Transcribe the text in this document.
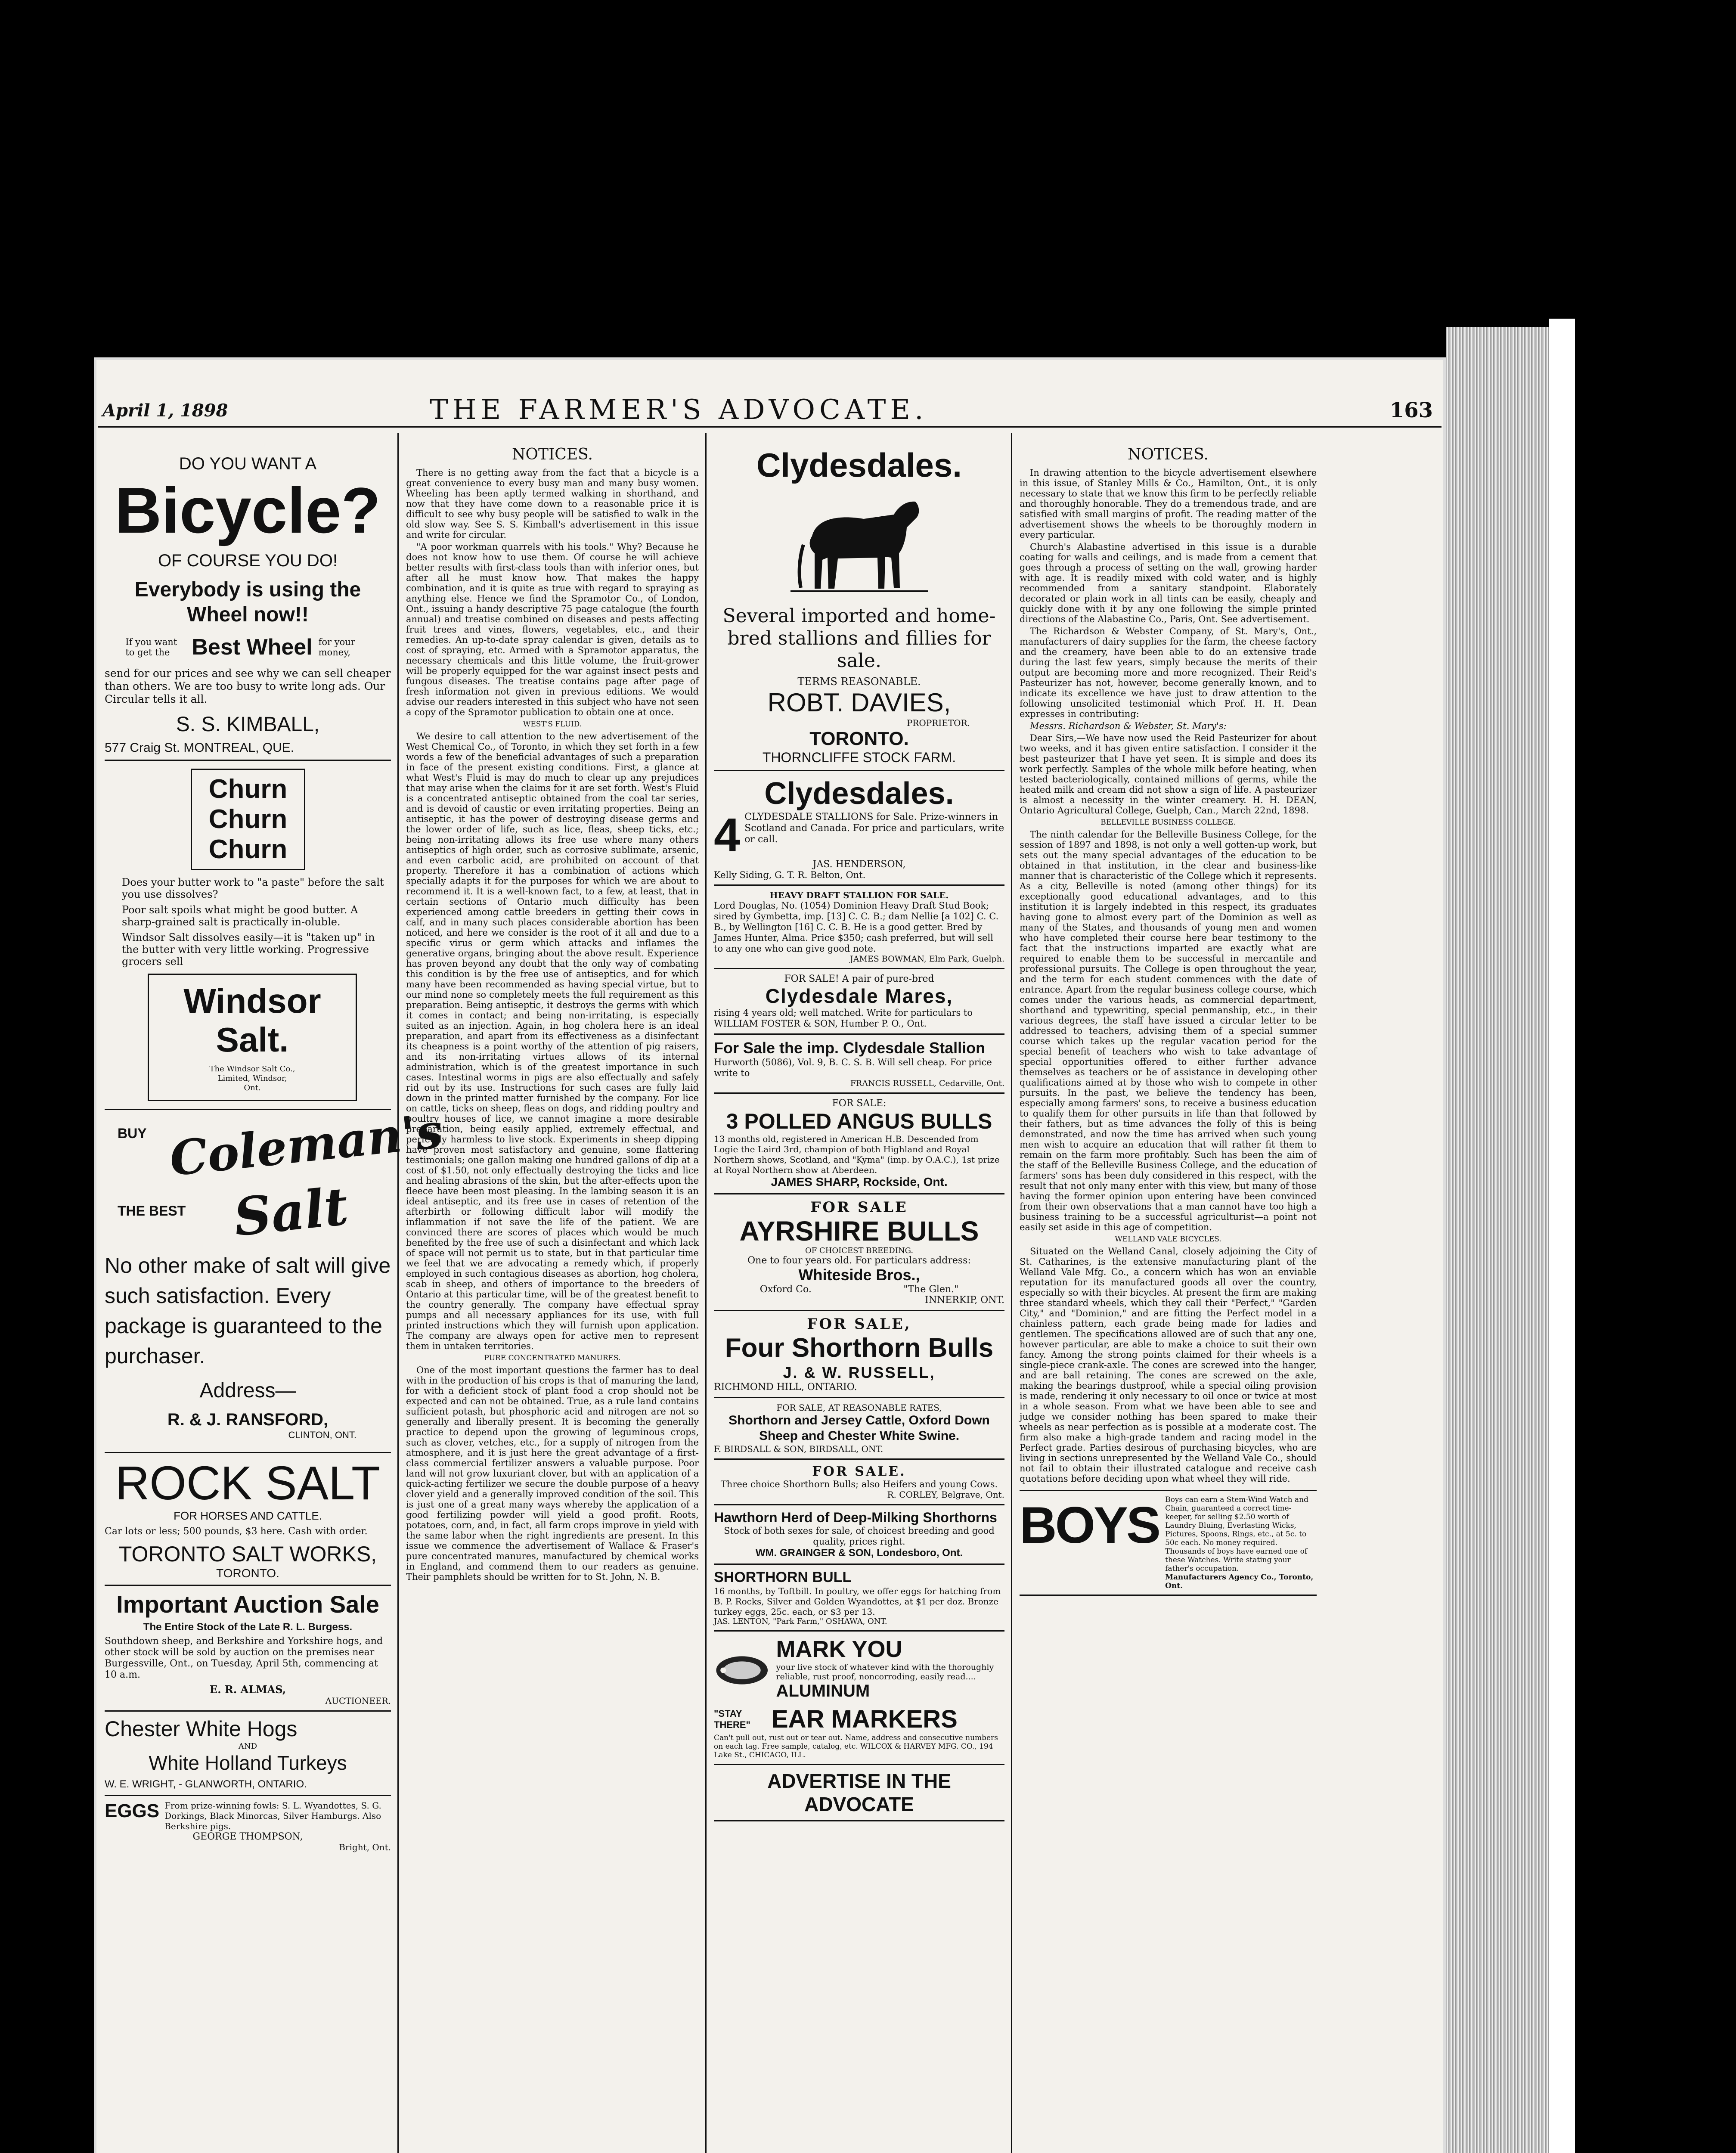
April 1, 1898	THE FARMER'S ADVOCATE.	163
DO YOU WANT A
Bicycle?
OF COURSE YOU DO!
Everybody is using the Wheel now!!
If you want to get the Best Wheel for your money,
send for our prices and see why we can sell cheaper than others. We are too busy to write long ads. Our Circular tells it all.
S. S. KIMBALL,
577 Craig St. MONTREAL, QUE.
Churn
Churn
Churn
Does your butter work to "a paste" before the salt you use dissolves?
Poor salt spoils what might be good butter. A sharp-grained salt is practically in-oluble.
Windsor Salt dissolves easily—it is "taken up" in the butter with very little working. Progressive grocers sell
Windsor
Salt.
The Windsor Salt Co., Limited, Windsor, Ont.
BUY Coleman's
THE BEST Salt
No other make of salt will give such satisfaction. Every package is guaranteed to the purchaser.
Address—
R. & J. RANSFORD,
CLINTON, ONT.
ROCK SALT
FOR HORSES AND CATTLE.
Car lots or less; 500 pounds, $3 here. Cash with order.
TORONTO SALT WORKS,
TORONTO.
Important Auction Sale
The Entire Stock of the Late R. L. Burgess.
Southdown sheep, and Berkshire and Yorkshire hogs, and other stock will be sold by auction on the premises near Burgessville, Ont., on Tuesday, April 5th, commencing at 10 a.m.
E. R. ALMAS,
AUCTIONEER.
Chester White Hogs
AND
White Holland Turkeys
W. E. WRIGHT, - GLANWORTH, ONTARIO.
EGGS From prize-winning fowls: S. L. Wyandottes, S. G. Dorkings, Black Minorcas, Silver Hamburgs. Also Berkshire pigs.
GEORGE THOMPSON,
Bright, Ont.
NOTICES.

There is no getting away from the fact that a bicycle is a great convenience to every busy man and many busy women. Wheeling has been aptly termed walking in shorthand, and now that they have come down to a reasonable price it is difficult to see why busy people will be satisfied to walk in the old slow way. See S. S. Kimball's advertisement in this issue and write for circular.

"A poor workman quarrels with his tools." Why? Because he does not know how to use them. Of course he will achieve better results with first-class tools than with inferior ones, but after all he must know how. That makes the happy combination, and it is quite as true with regard to spraying as anything else. Hence we find the Spramotor Co., of London, Ont., issuing a handy descriptive 75 page catalogue (the fourth annual) and treatise combined on diseases and pests affecting fruit trees and vines, flowers, vegetables, etc., and their remedies. An up-to-date spray calendar is given, details as to cost of spraying, etc. Armed with a Spramotor apparatus, the necessary chemicals and this little volume, the fruit-grower will be properly equipped for the war against insect pests and fungous diseases. The treatise contains page after page of fresh information not given in previous editions. We would advise our readers interested in this subject who have not seen a copy of the Spramotor publication to obtain one at once.

WEST'S FLUID.

We desire to call attention to the new advertisement of the West Chemical Co., of Toronto, in which they set forth in a few words a few of the beneficial advantages of such a preparation in face of the present existing conditions. First, a glance at what West's Fluid is may do much to clear up any prejudices that may arise when the claims for it are set forth. West's Fluid is a concentrated antiseptic obtained from the coal tar series, and is devoid of caustic or even irritating properties. Being an antiseptic, it has the power of destroying disease germs and the lower order of life, such as lice, fleas, sheep ticks, etc.; being non-irritating allows its free use where many others antiseptics of high order, such as corrosive sublimate, arsenic, and even carbolic acid, are prohibited on account of that property. Therefore it has a combination of actions which specially adapts it for the purposes for which we are about to recommend it. It is a well-known fact, to a few, at least, that in certain sections of Ontario much difficulty has been experienced among cattle breeders in getting their cows in calf, and in many such places considerable abortion has been noticed, and here we consider is the root of it all and due to a specific virus or germ which attacks and inflames the generative organs, bringing about the above result. Experience has proven beyond any doubt that the only way of combating this condition is by the free use of antiseptics, and for which many have been recommended as having special virtue, but to our mind none so completely meets the full requirement as this preparation. Being antiseptic, it destroys the germs with which it comes in contact; and being non-irritating, is especially suited as an injection. Again, in hog cholera here is an ideal preparation, and apart from its effectiveness as a disinfectant its cheapness is a point worthy of the attention of pig raisers, and its non-irritating virtues allows of its internal administration, which is of the greatest importance in such cases. Intestinal worms in pigs are also effectually and safely rid out by its use. Instructions for such cases are fully laid down in the printed matter furnished by the company. For lice on cattle, ticks on sheep, fleas on dogs, and ridding poultry and poultry houses of lice, we cannot imagine a more desirable preparation, being easily applied, extremely effectual, and perfectly harmless to live stock. Experiments in sheep dipping have proven most satisfactory and genuine, some flattering testimonials; one gallon making one hundred gallons of dip at a cost of $1.50, not only effectually destroying the ticks and lice and healing abrasions of the skin, but the after-effects upon the fleece have been most pleasing. In the lambing season it is an ideal antiseptic, and its free use in cases of retention of the afterbirth or following difficult labor will modify the inflammation if not save the life of the patient. We are convinced there are scores of places which would be much benefited by the free use of such a disinfectant and which lack of space will not permit us to state, but in that particular time we feel that we are advocating a remedy which, if properly employed in such contagious diseases as abortion, hog cholera, scab in sheep, and others of importance to the breeders of Ontario at this particular time, will be of the greatest benefit to the country generally. The company have effectual spray pumps and all necessary appliances for its use, with full printed instructions which they will furnish upon application. The company are always open for active men to represent them in untaken territories.

PURE CONCENTRATED MANURES.

One of the most important questions the farmer has to deal with in the production of his crops is that of manuring the land, for with a deficient stock of plant food a crop should not be expected and can not be obtained. True, as a rule land contains sufficient potash, but phosphoric acid and nitrogen are not so generally and liberally present. It is becoming the generally practice to depend upon the growing of leguminous crops, such as clover, vetches, etc., for a supply of nitrogen from the atmosphere, and it is just here the great advantage of a first-class commercial fertilizer answers a valuable purpose. Poor land will not grow luxuriant clover, but with an application of a quick-acting fertilizer we secure the double purpose of a heavy clover yield and a generally improved condition of the soil. This is just one of a great many ways whereby the application of a good fertilizing powder will yield a good profit. Roots, potatoes, corn, and, in fact, all farm crops improve in yield with the same labor when the right ingredients are present. In this issue we commence the advertisement of Wallace & Fraser's pure concentrated manures, manufactured by chemical works in England, and commend them to our readers as genuine. Their pamphlets should be written for to St. John, N. B.

Clydesdales.
Several imported and home-bred stallions and fillies for sale.
TERMS REASONABLE.
ROBT. DAVIES,
PROPRIETOR.
TORONTO.
THORNCLIFFE STOCK FARM.
Clydesdales.
4 CLYDESDALE STALLIONS for Sale. Prize-winners in Scotland and Canada. For price and particulars, write or call.
JAS. HENDERSON,
Kelly Siding, G. T. R. Belton, Ont.
HEAVY DRAFT STALLION FOR SALE.
Lord Douglas, No. (1054) Dominion Heavy Draft Stud Book; sired by Gymbetta, imp. [13] C. C. B.; dam Nellie [a 102] C. C. B., by Wellington [16] C. C. B. He is a good getter. Bred by James Hunter, Alma. Price $350; cash preferred, but will sell to any one who can give good note.
JAMES BOWMAN, Elm Park, Guelph.
FOR SALE! A pair of pure-bred
Clydesdale Mares,
rising 4 years old; well matched. Write for particulars to WILLIAM FOSTER & SON, Humber P. O., Ont.
For Sale the imp. Clydesdale Stallion
Hurworth (5086), Vol. 9, B. C. S. B. Will sell cheap. For price write to
FRANCIS RUSSELL, Cedarville, Ont.
FOR SALE:
3 POLLED ANGUS BULLS
13 months old, registered in American H.B. Descended from Logie the Laird 3rd, champion of both Highland and Royal Northern shows, Scotland, and "Kyma" (imp. by O.A.C.), 1st prize at Royal Northern show at Aberdeen.
JAMES SHARP, Rockside, Ont.
FOR SALE
AYRSHIRE BULLS
OF CHOICEST BREEDING.
One to four years old. For particulars address:
Whiteside Bros.,
Oxford Co.	"The Glen."
INNERKIP, ONT.
FOR SALE,
Four Shorthorn Bulls
J. & W. RUSSELL,
RICHMOND HILL, ONTARIO.
FOR SALE, AT REASONABLE RATES,
Shorthorn and Jersey Cattle, Oxford Down Sheep and Chester White Swine.
F. BIRDSALL & SON, BIRDSALL, ONT.
FOR SALE.
Three choice Shorthorn Bulls; also Heifers and young Cows.
R. CORLEY, Belgrave, Ont.
Hawthorn Herd of Deep-Milking Shorthorns
Stock of both sexes for sale, of choicest breeding and good quality, prices right.
WM. GRAINGER & SON, Londesboro, Ont.
SHORTHORN BULL
16 months, by Toftbill. In poultry, we offer eggs for hatching from B. P. Rocks, Silver and Golden Wyandottes, at $1 per doz. Bronze turkey eggs, 25c. each, or $3 per 13.
JAS. LENTON, "Park Farm," OSHAWA, ONT.
MARK YOU
your live stock of whatever kind with the thoroughly reliable, rust proof, noncorroding, easily read....
ALUMINUM
"STAY THERE" EAR MARKERS
Can't pull out, rust out or tear out. Name, address and consecutive numbers on each tag. Free sample, catalog, etc. WILCOX & HARVEY MFG. CO., 194 Lake St., CHICAGO, ILL.
ADVERTISE IN THE ADVOCATE
NOTICES.

In drawing attention to the bicycle advertisement elsewhere in this issue, of Stanley Mills & Co., Hamilton, Ont., it is only necessary to state that we know this firm to be perfectly reliable and thoroughly honorable. They do a tremendous trade, and are satisfied with small margins of profit. The reading matter of the advertisement shows the wheels to be thoroughly modern in every particular.

Church's Alabastine advertised in this issue is a durable coating for walls and ceilings, and is made from a cement that goes through a process of setting on the wall, growing harder with age. It is readily mixed with cold water, and is highly recommended from a sanitary standpoint. Elaborately decorated or plain work in all tints can be easily, cheaply and quickly done with it by any one following the simple printed directions of the Alabastine Co., Paris, Ont. See advertisement.

The Richardson & Webster Company, of St. Mary's, Ont., manufacturers of dairy supplies for the farm, the cheese factory and the creamery, have been able to do an extensive trade during the last few years, simply because the merits of their output are becoming more and more recognized. Their Reid's Pasteurizer has not, however, become generally known, and to indicate its excellence we have just to draw attention to the following unsolicited testimonial which Prof. H. H. Dean expresses in contributing:

Messrs. Richardson & Webster, St. Mary's:

Dear Sirs,—We have now used the Reid Pasteurizer for about two weeks, and it has given entire satisfaction. I consider it the best pasteurizer that I have yet seen. It is simple and does its work perfectly. Samples of the whole milk before heating, when tested bacteriologically, contained millions of germs, while the heated milk and cream did not show a sign of life. A pasteurizer is almost a necessity in the winter creamery. H. H. DEAN, Ontario Agricultural College, Guelph, Can., March 22nd, 1898.

BELLEVILLE BUSINESS COLLEGE.

The ninth calendar for the Belleville Business College, for the session of 1897 and 1898, is not only a well gotten-up work, but sets out the many special advantages of the education to be obtained in that institution, in the clear and business-like manner that is characteristic of the College which it represents. As a city, Belleville is noted (among other things) for its exceptionally good educational advantages, and to this institution it is largely indebted in this respect, its graduates having gone to almost every part of the Dominion as well as many of the States, and thousands of young men and women who have completed their course here bear testimony to the fact that the instructions imparted are exactly what are required to enable them to be successful in mercantile and professional pursuits. The College is open throughout the year, and the term for each student commences with the date of entrance. Apart from the regular business college course, which comes under the various heads, as commercial department, shorthand and typewriting, special penmanship, etc., in their various degrees, the staff have issued a circular letter to be addressed to teachers, advising them of a special summer course which takes up the regular vacation period for the special benefit of teachers who wish to take advantage of special opportunities offered to either further advance themselves as teachers or be of assistance in developing other qualifications aimed at by those who wish to compete in other pursuits. In the past, we believe the tendency has been, especially among farmers' sons, to receive a business education to qualify them for other pursuits in life than that followed by their fathers, but as time advances the folly of this is being demonstrated, and now the time has arrived when such young men wish to acquire an education that will rather fit them to remain on the farm more profitably. Such has been the aim of the staff of the Belleville Business College, and the education of farmers' sons has been duly considered in this respect, with the result that not only many enter with this view, but many of those having the former opinion upon entering have been convinced from their own observations that a man cannot have too high a business training to be a successful agriculturist—a point not easily set aside in this age of competition.

WELLAND VALE BICYCLES.

Situated on the Welland Canal, closely adjoining the City of St. Catharines, is the extensive manufacturing plant of the Welland Vale Mfg. Co., a concern which has won an enviable reputation for its manufactured goods all over the country, especially so with their bicycles. At present the firm are making three standard wheels, which they call their "Perfect," "Garden City," and "Dominion," and are fitting the Perfect model in a chainless pattern, each grade being made for ladies and gentlemen. The specifications allowed are of such that any one, however particular, are able to make a choice to suit their own fancy. Among the strong points claimed for their wheels is a single-piece crank-axle. The cones are screwed into the hanger, and are ball retaining. The cones are screwed on the axle, making the bearings dustproof, while a special oiling provision is made, rendering it only necessary to oil once or twice at most in a whole season. From what we have been able to see and judge we consider nothing has been spared to make their wheels as near perfection as is possible at a moderate cost. The firm also make a high-grade tandem and racing model in the Perfect grade. Parties desirous of purchasing bicycles, who are living in sections unrepresented by the Welland Vale Co., should not fail to obtain their illustrated catalogue and receive cash quotations before deciding upon what wheel they will ride.

BOYS Boys can earn a Stem-Wind Watch and Chain, guaranteed a correct time-keeper, for selling $2.50 worth of Laundry Bluing, Everlasting Wicks, Pictures, Spoons, Rings, etc., at 5c. to 50c each. No money required. Thousands of boys have earned one of these Watches. Write stating your father's occupation.
Manufacturers Agency Co., Toronto, Ont.
